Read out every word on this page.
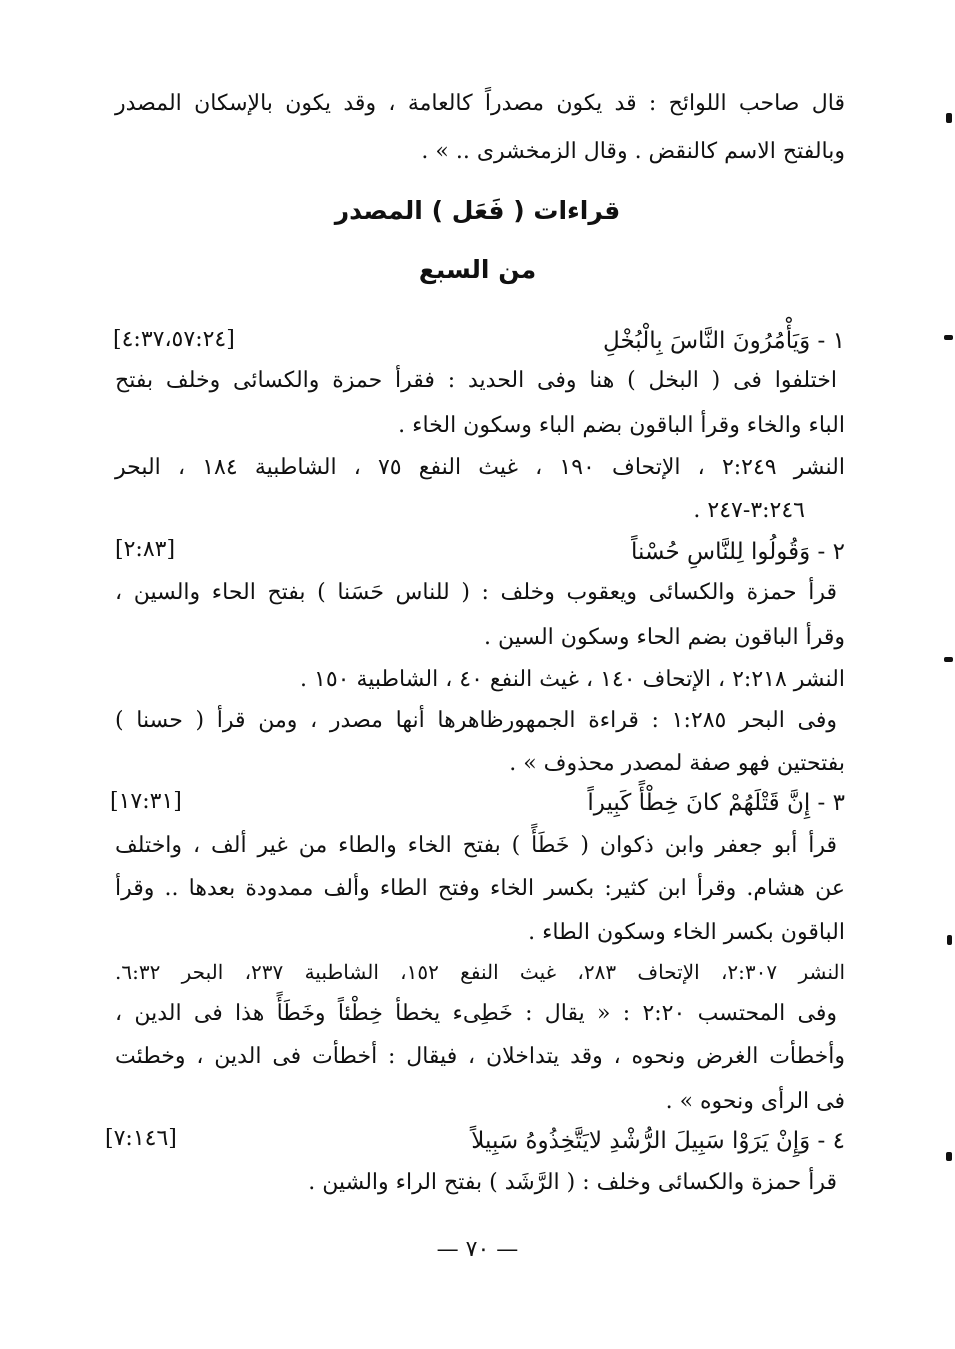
قال صاحب اللوائح : قد يكون مصدراً كالعامة ، وقد يكون بالإسكان المصدر
وبالفتح الاسم كالنقض . وقال الزمخشرى .. » .
قراءات ( فَعَل ) المصدر
من السبع
١ - وَيَأْمُرُونَ النَّاسَ بِالْبُخْلِ
[٤:٣٧،٥٧:٢٤]
اختلفوا فى ( البخل ) هنا وفى الحديد : فقرأ حمزة والكسائى وخلف بفتح
الباء والخاء وقرأ الباقون بضم الباء وسكون الخاء .
النشر ٢:٢٤٩ ، الإتحاف ١٩٠ ، غيث النفع ٧٥ ، الشاطبية ١٨٤ ، البحر
٣:٢٤٦-٢٤٧ .
٢ - وَقُولُوا لِلنَّاسِ حُسْناً
[٢:٨٣]
قرأ حمزة والكسائى ويعقوب وخلف : ( للناس حَسَنا ) بفتح الحاء والسين ،
وقرأ الباقون بضم الحاء وسكون السين .
النشر ٢:٢١٨ ، الإتحاف ١٤٠ ، غيث النفع ٤٠ ، الشاطبية ١٥٠ .
وفى البحر ١:٢٨٥ : قراءة الجمهورظاهرها أنها مصدر ، ومن قرأ ( حسنا )
بفتحتين فهو صفة لمصدر محذوف » .
٣ - إِنَّ قَتْلَهُمْ كانَ خِطْأً كَبِيراً
[١٧:٣١]
قرأ أبو جعفر وابن ذكوان ( خَطَأً ) بفتح الخاء والطاء من غير ألف ، واختلف
عن هشام. وقرأ ابن كثير: بكسر الخاء وفتح الطاء وألف ممدودة بعدها .. وقرأ
الباقون بكسر الخاء وسكون الطاء .
النشر ٢:٣٠٧، الإتحاف ٢٨٣، غيث النفع ١٥٢، الشاطبية ٢٣٧، البحر ٦:٣٢.
وفى المحتسب ٢:٢٠ : « يقال : خَطِىء يخطأ خِطْئاً وخَطَأً هذا فى الدين ،
وأخطأت الغرض ونحوه ، وقد يتداخلان ، فيقال : أخطأت فى الدين ، وخطئت
فى الرأى ونحوه » .
٤ - وَإِنْ يَرَوْا سَبِيلَ الرُّشْدِ لايَتَّخِذُوهُ سَبِيلاً
[٧:١٤٦]
قرأ حمزة والكسائى وخلف : ( الرَّشَد ) بفتح الراء والشين .
— ٧٠ —
